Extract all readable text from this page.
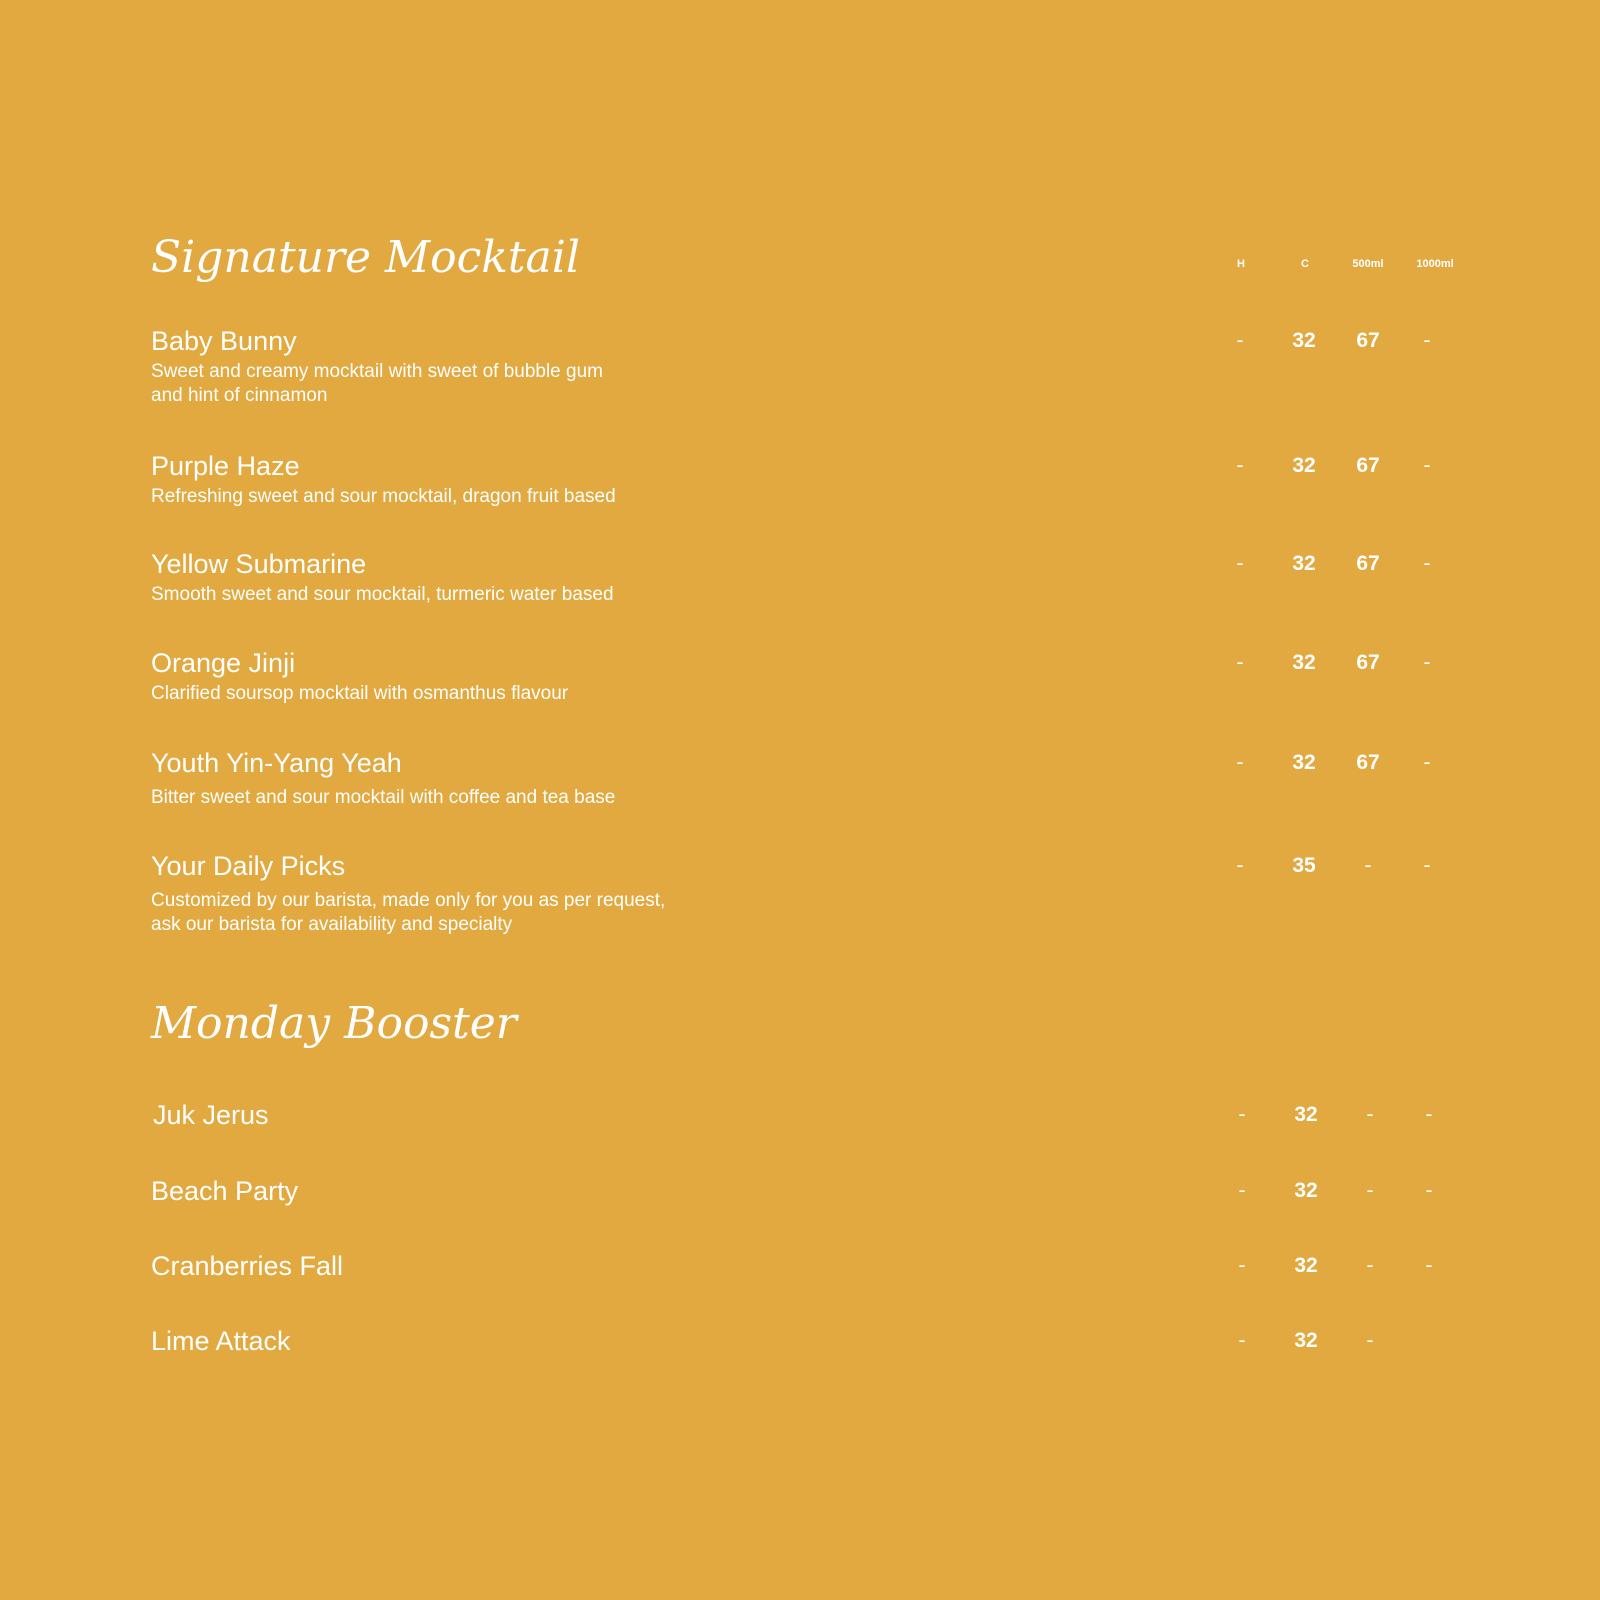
Signature Mocktail	H	C	500ml	1000ml
Baby Bunny
Sweet and creamy mocktail with sweet of bubble gum
and hint of cinnamon
- 32 67 -
Purple Haze
Refreshing sweet and sour mocktail, dragon fruit based
- 32 67 -
Yellow Submarine
Smooth sweet and sour mocktail, turmeric water based
- 32 67 -
Orange Jinji
Clarified soursop mocktail with osmanthus flavour
- 32 67 -
Youth Yin-Yang Yeah
Bitter sweet and sour mocktail with coffee and tea base
- 32 67 -
Your Daily Picks
Customized by our barista, made only for you as per request,
ask our barista for availability and specialty
- 35 - -
Monday Booster
Juk Jerus	- 32 - -
Beach Party	- 32 - -
Cranberries Fall	- 32 - -
Lime Attack	- 32 -
